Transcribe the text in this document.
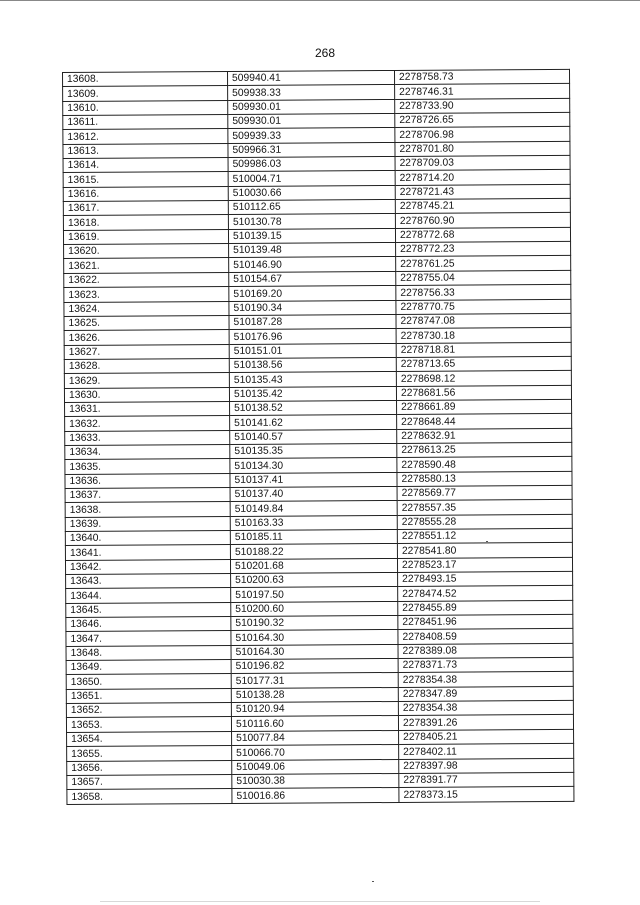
268
13608.	509940.41	2278758.73
13609.	509938.33	2278746.31
13610.	509930.01	2278733.90
13611.	509930.01	2278726.65
13612.	509939.33	2278706.98
13613.	509966.31	2278701.80
13614.	509986.03	2278709.03
13615.	510004.71	2278714.20
13616.	510030.66	2278721.43
13617.	510112.65	2278745.21
13618.	510130.78	2278760.90
13619.	510139.15	2278772.68
13620.	510139.48	2278772.23
13621.	510146.90	2278761.25
13622.	510154.67	2278755.04
13623.	510169.20	2278756.33
13624.	510190.34	2278770.75
13625.	510187.28	2278747.08
13626.	510176.96	2278730.18
13627.	510151.01	2278718.81
13628.	510138.56	2278713.65
13629.	510135.43	2278698.12
13630.	510135.42	2278681.56
13631.	510138.52	2278661.89
13632.	510141.62	2278648.44
13633.	510140.57	2278632.91
13634.	510135.35	2278613.25
13635.	510134.30	2278590.48
13636.	510137.41	2278580.13
13637.	510137.40	2278569.77
13638.	510149.84	2278557.35
13639.	510163.33	2278555.28
13640.	510185.11	2278551.12
13641.	510188.22	2278541.80
13642.	510201.68	2278523.17
13643.	510200.63	2278493.15
13644.	510197.50	2278474.52
13645.	510200.60	2278455.89
13646.	510190.32	2278451.96
13647.	510164.30	2278408.59
13648.	510164.30	2278389.08
13649.	510196.82	2278371.73
13650.	510177.31	2278354.38
13651.	510138.28	2278347.89
13652.	510120.94	2278354.38
13653.	510116.60	2278391.26
13654.	510077.84	2278405.21
13655.	510066.70	2278402.11
13656.	510049.06	2278397.98
13657.	510030.38	2278391.77
13658.	510016.86	2278373.15
